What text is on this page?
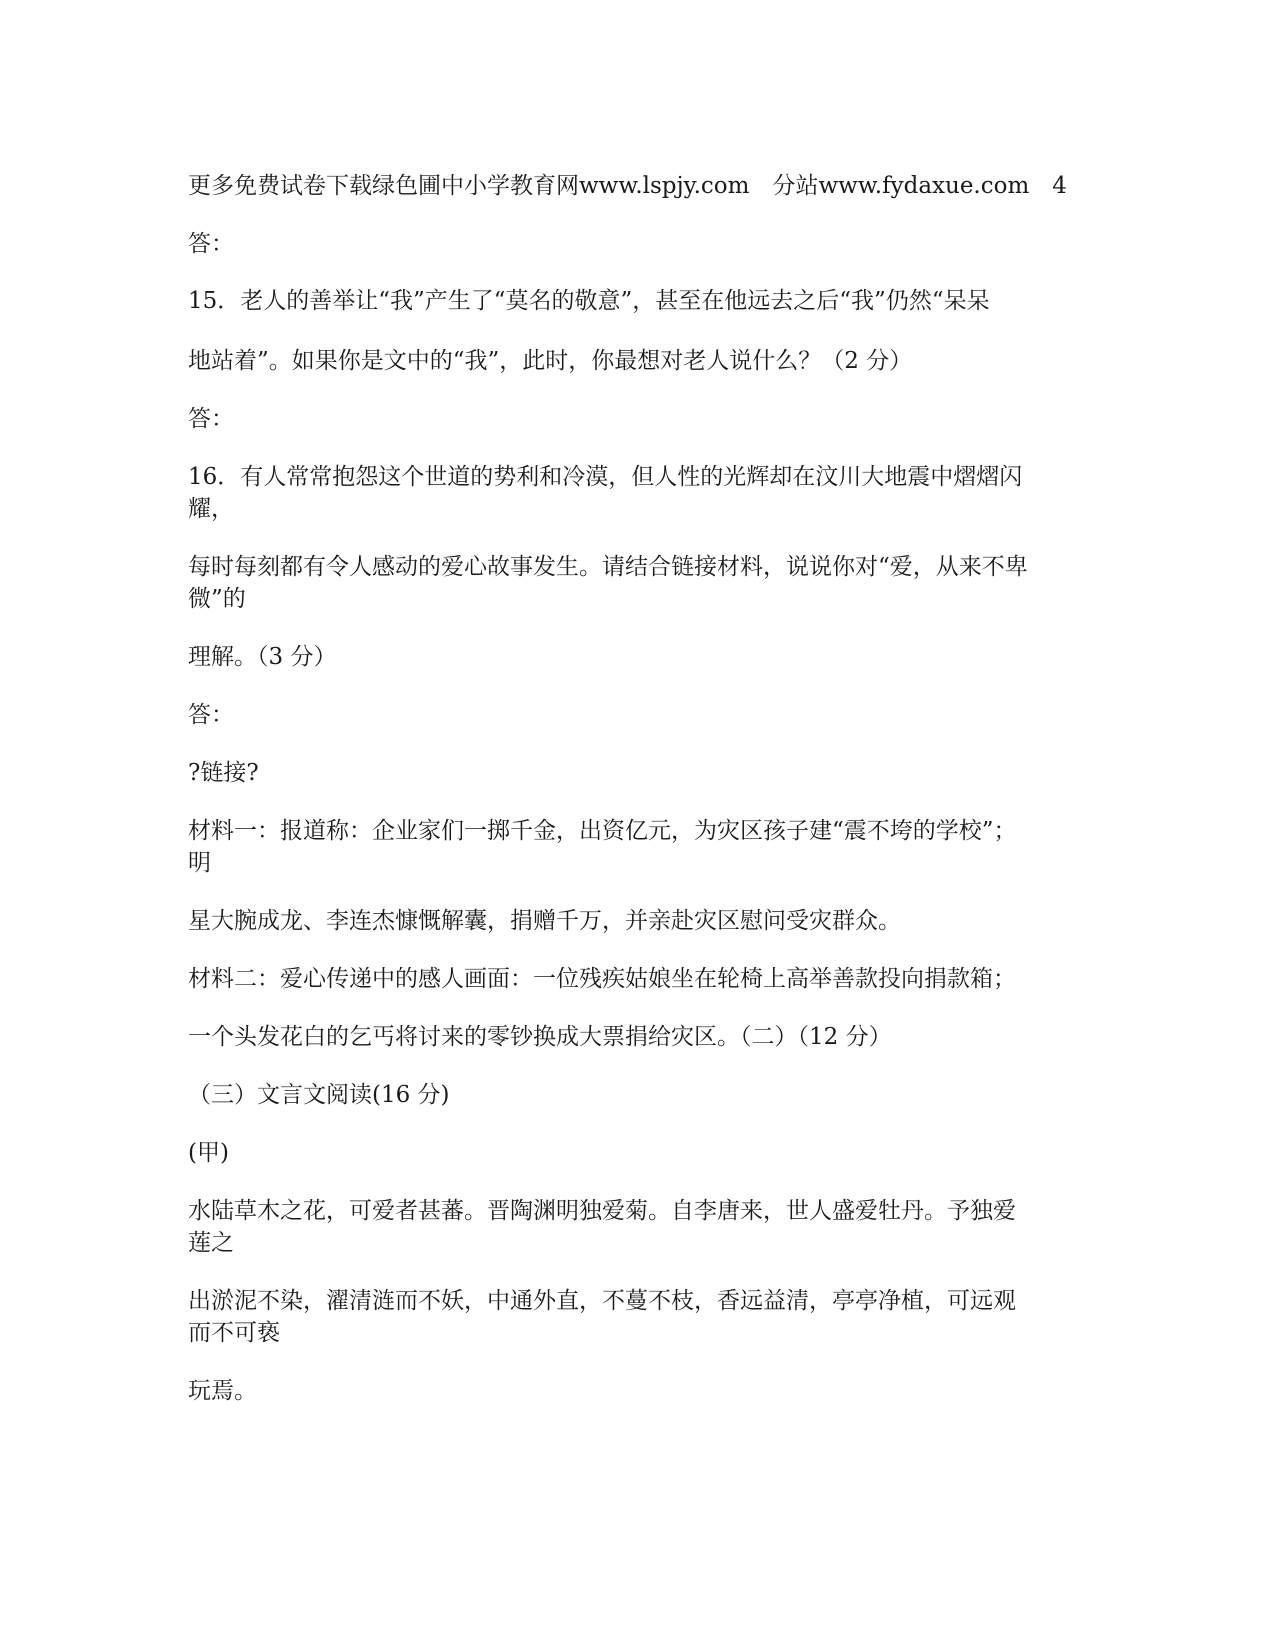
更多免费试卷下载绿色圃中小学教育网www.lspjy.com　分站www.fydaxue.com　4
答：
15．老人的善举让“我”产生了“莫名的敬意”，甚至在他远去之后“我”仍然“呆呆
地站着”。如果你是文中的“我”，此时，你最想对老人说什么？（2 分）
答：
16．有人常常抱怨这个世道的势利和冷漠，但人性的光辉却在汶川大地震中熠熠闪
耀，
每时每刻都有令人感动的爱心故事发生。请结合链接材料，说说你对“爱，从来不卑
微”的
理解。（3 分）
答：
?链接?
材料一：报道称：企业家们一掷千金，出资亿元，为灾区孩子建“震不垮的学校”；
明
星大腕成龙、李连杰慷慨解囊，捐赠千万，并亲赴灾区慰问受灾群众。
材料二：爱心传递中的感人画面：一位残疾姑娘坐在轮椅上高举善款投向捐款箱；
一个头发花白的乞丐将讨来的零钞换成大票捐给灾区。（二）（12 分）
（三）文言文阅读(16 分)
(甲)
水陆草木之花，可爱者甚蕃。晋陶渊明独爱菊。自李唐来，世人盛爱牡丹。予独爱
莲之
出淤泥不染，濯清涟而不妖，中通外直，不蔓不枝，香远益清，亭亭净植，可远观
而不可亵
玩焉。
